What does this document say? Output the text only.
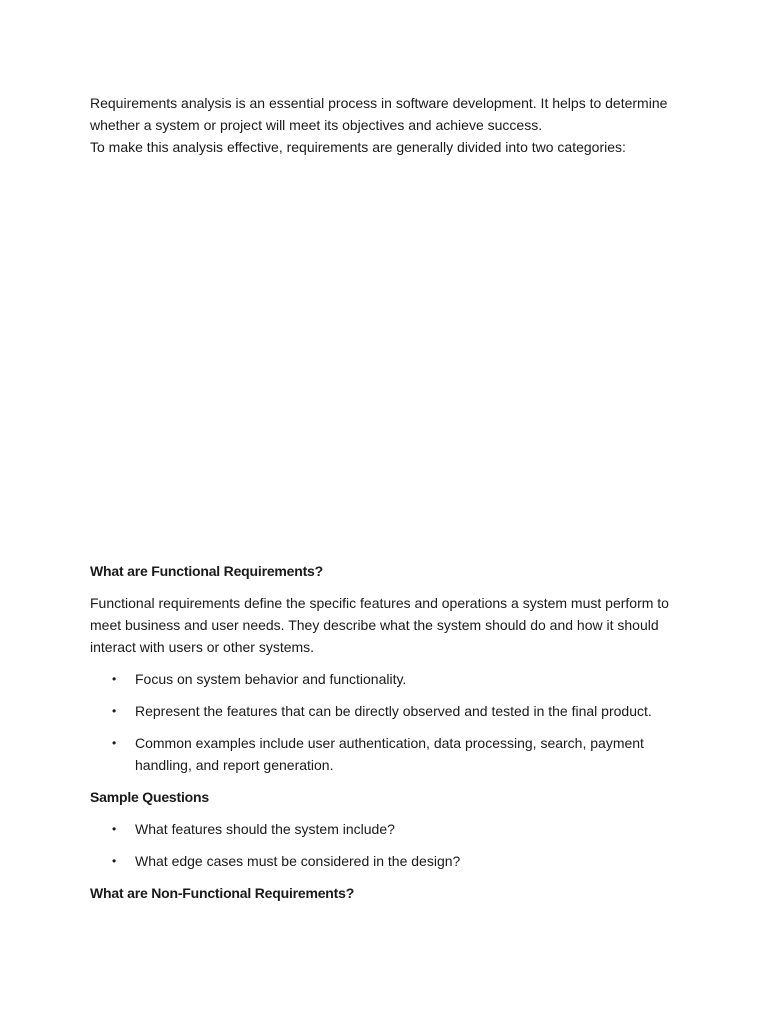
Requirements analysis is an essential process in software development. It helps to determine whether a system or project will meet its objectives and achieve success.

To make this analysis effective, requirements are generally divided into two categories:

What are Functional Requirements?

Functional requirements define the specific features and operations a system must perform to meet business and user needs. They describe what the system should do and how it should interact with users or other systems.

• Focus on system behavior and functionality.
• Represent the features that can be directly observed and tested in the final product.
• Common examples include user authentication, data processing, search, payment handling, and report generation.
Sample Questions
• What features should the system include?
• What edge cases must be considered in the design?
What are Non-Functional Requirements?
